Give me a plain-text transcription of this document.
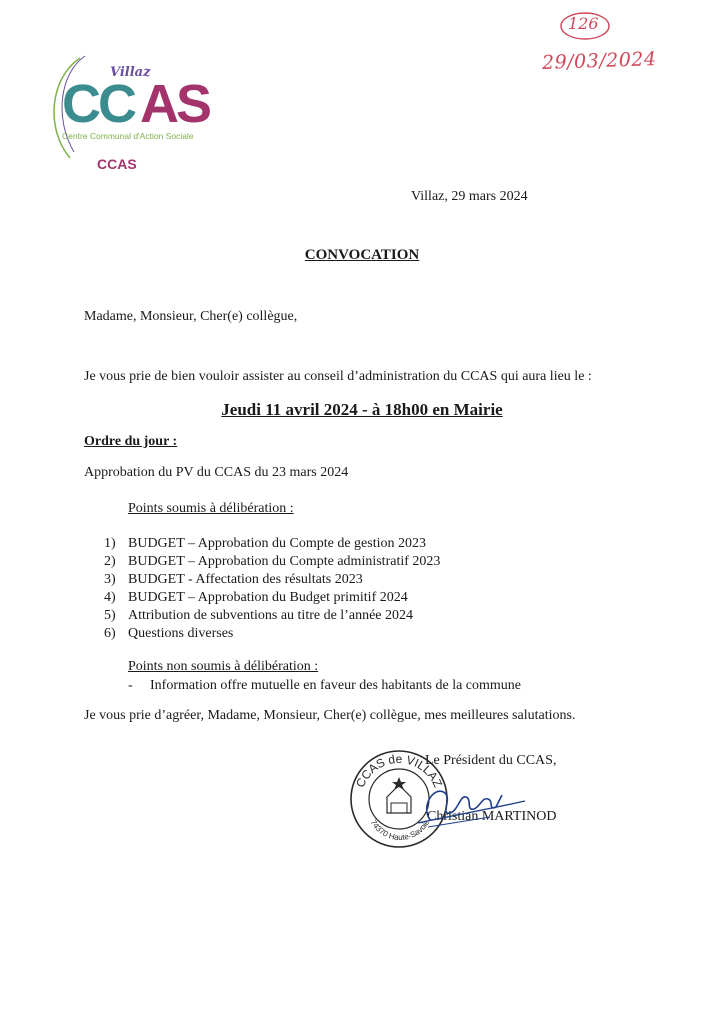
CC AS
Villaz
Centre Communal d'Action Sociale
CCAS
126
29/03/2024
Villaz, 29 mars 2024
CONVOCATION
Madame, Monsieur, Cher(e) collègue,
Je vous prie de bien vouloir assister au conseil d’administration du CCAS qui aura lieu le :
Jeudi 11 avril 2024 - à 18h00 en Mairie
Ordre du jour :
Approbation du PV du CCAS du 23 mars 2024
Points soumis à délibération :
1) BUDGET – Approbation du Compte de gestion 2023
2) BUDGET – Approbation du Compte administratif 2023
3) BUDGET - Affectation des résultats 2023
4) BUDGET – Approbation du Budget primitif 2024
5) Attribution de subventions au titre de l’année 2024
6) Questions diverses
Points non soumis à délibération :
- Information offre mutuelle en faveur des habitants de la commune
Je vous prie d’agréer, Madame, Monsieur, Cher(e) collègue, mes meilleures salutations.
Le Président du CCAS,
Christian MARTINOD
CCAS de VILLAZ
74370 Haute-Savoie
